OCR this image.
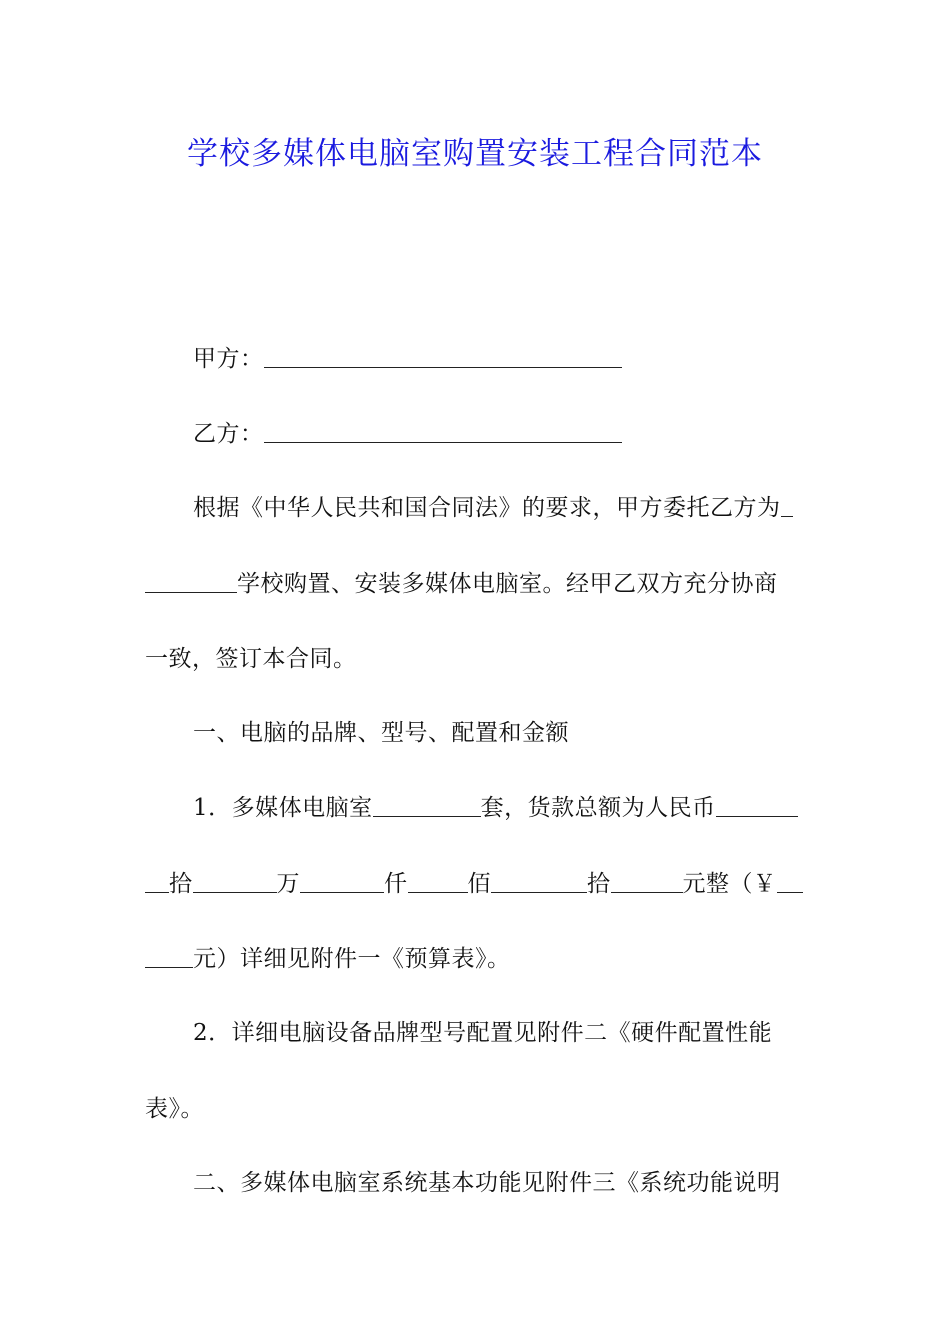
学校多媒体电脑室购置安装工程合同范本
甲方：
乙方：
根据《中华人民共和国合同法》的要求，甲方委托乙方为
学校购置、安装多媒体电脑室。经甲乙双方充分协商
一致，签订本合同。
一、电脑的品牌、型号、配置和金额
1．多媒体电脑室	套，货款总额为人民币
拾	万	仟	佰	拾	元整（￥
元）详细见附件一《预算表》。
2．详细电脑设备品牌型号配置见附件二《硬件配置性能
表》。
二、多媒体电脑室系统基本功能见附件三《系统功能说明
